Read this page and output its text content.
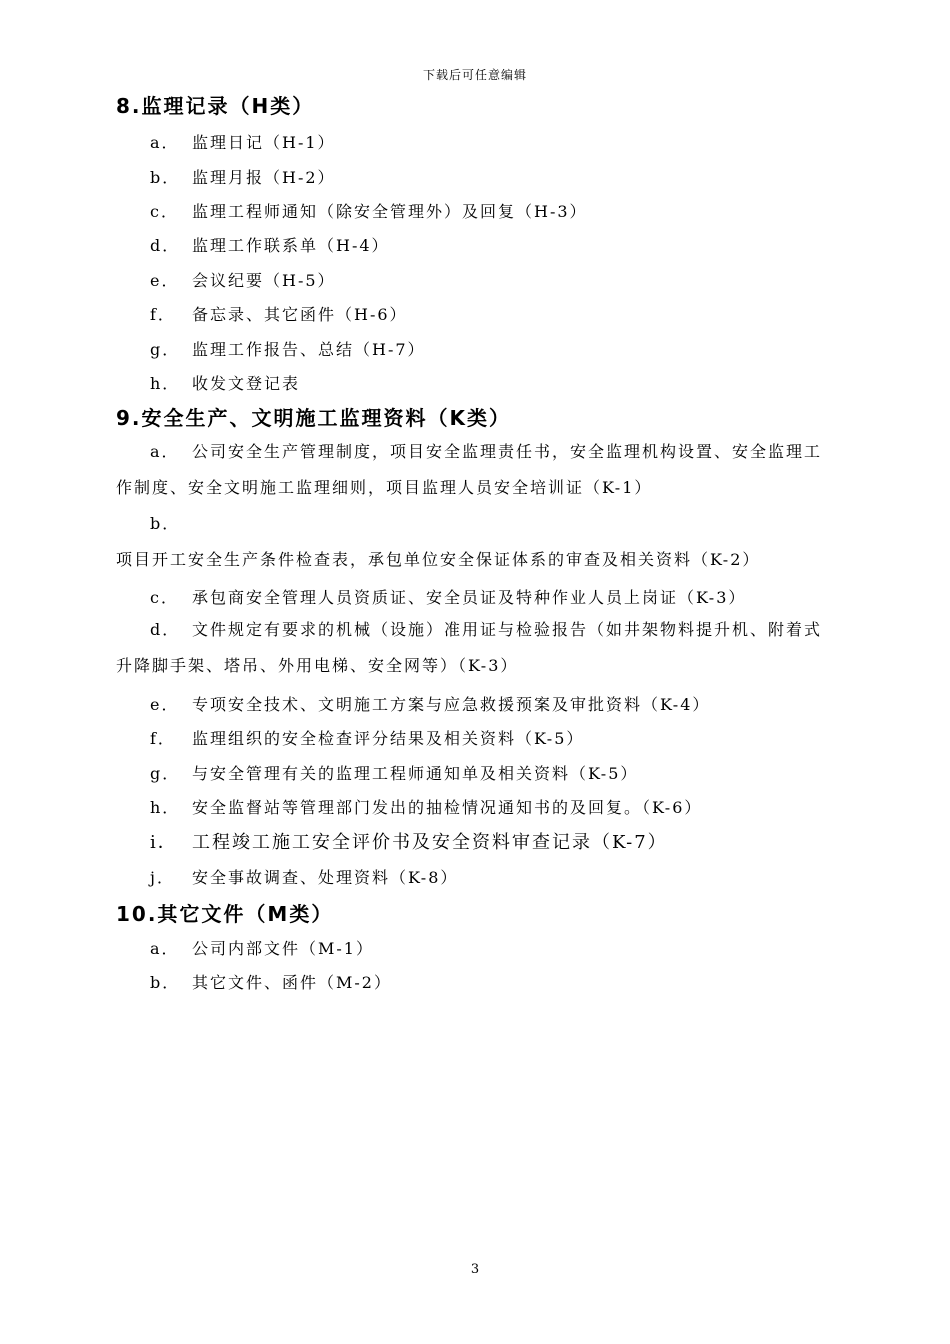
下载后可任意编辑
8.监理记录（H类）
a． 监理日记（H-1）
b． 监理月报（H-2）
c． 监理工程师通知（除安全管理外）及回复（H-3）
d． 监理工作联系单（H-4）
e． 会议纪要（H-5）
f． 备忘录、其它函件（H-6）
g． 监理工作报告、总结（H-7）
h． 收发文登记表
9.安全生产、文明施工监理资料（K类）
a． 公司安全生产管理制度，项目安全监理责任书，安全监理机构设置、安全监理工作制度、安全文明施工监理细则，项目监理人员安全培训证（K-1）
b．项目开工安全生产条件检查表，承包单位安全保证体系的审查及相关资料（K-2）
c． 承包商安全管理人员资质证、安全员证及特种作业人员上岗证（K-3）
d． 文件规定有要求的机械（设施）准用证与检验报告（如井架物料提升机、附着式升降脚手架、塔吊、外用电梯、安全网等）（K-3）
e． 专项安全技术、文明施工方案与应急救援预案及审批资料（K-4）
f． 监理组织的安全检查评分结果及相关资料（K-5）
g． 与安全管理有关的监理工程师通知单及相关资料（K-5）
h． 安全监督站等管理部门发出的抽检情况通知书的及回复。（K-6）
i． 工程竣工施工安全评价书及安全资料审查记录（K-7）
j． 安全事故调查、处理资料（K-8）
10.其它文件（M类）
a． 公司内部文件（M-1）
b． 其它文件、函件（M-2）
3
